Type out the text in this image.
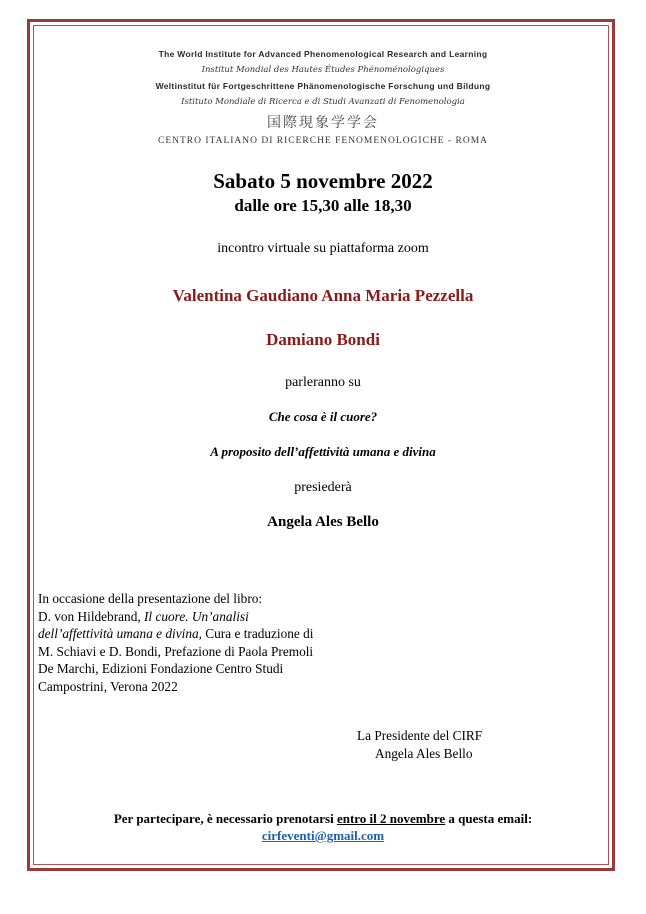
The World Institute for Advanced Phenomenological Research and Learning
Institut Mondial des Hautes Études Phénoménologiques
Weltinstitut für Fortgeschrittene Phänomenologische Forschung und Bildung
Istituto Mondiale di Ricerca e di Studi Avanzati di Fenomenologia
国際現象学学会
CENTRO ITALIANO DI RICERCHE FENOMENOLOGICHE - ROMA
Sabato 5 novembre 2022
dalle ore 15,30 alle 18,30
incontro virtuale su piattaforma zoom
Valentina Gaudiano Anna Maria Pezzella
Damiano Bondi
parleranno su
Che cosa è il cuore?
A proposito dell’affettività umana e divina
presiederà
Angela Ales Bello
In occasione della presentazione del libro:
D. von Hildebrand, Il cuore. Un’analisi
dell’affettività umana e divina, Cura e traduzione di
M. Schiavi e D. Bondi, Prefazione di Paola Premoli
De Marchi, Edizioni Fondazione Centro Studi
Campostrini, Verona 2022
La Presidente del CIRF
Angela Ales Bello
Per partecipare, è necessario prenotarsi entro il 2 novembre a questa email:
cirfeventi@gmail.com
